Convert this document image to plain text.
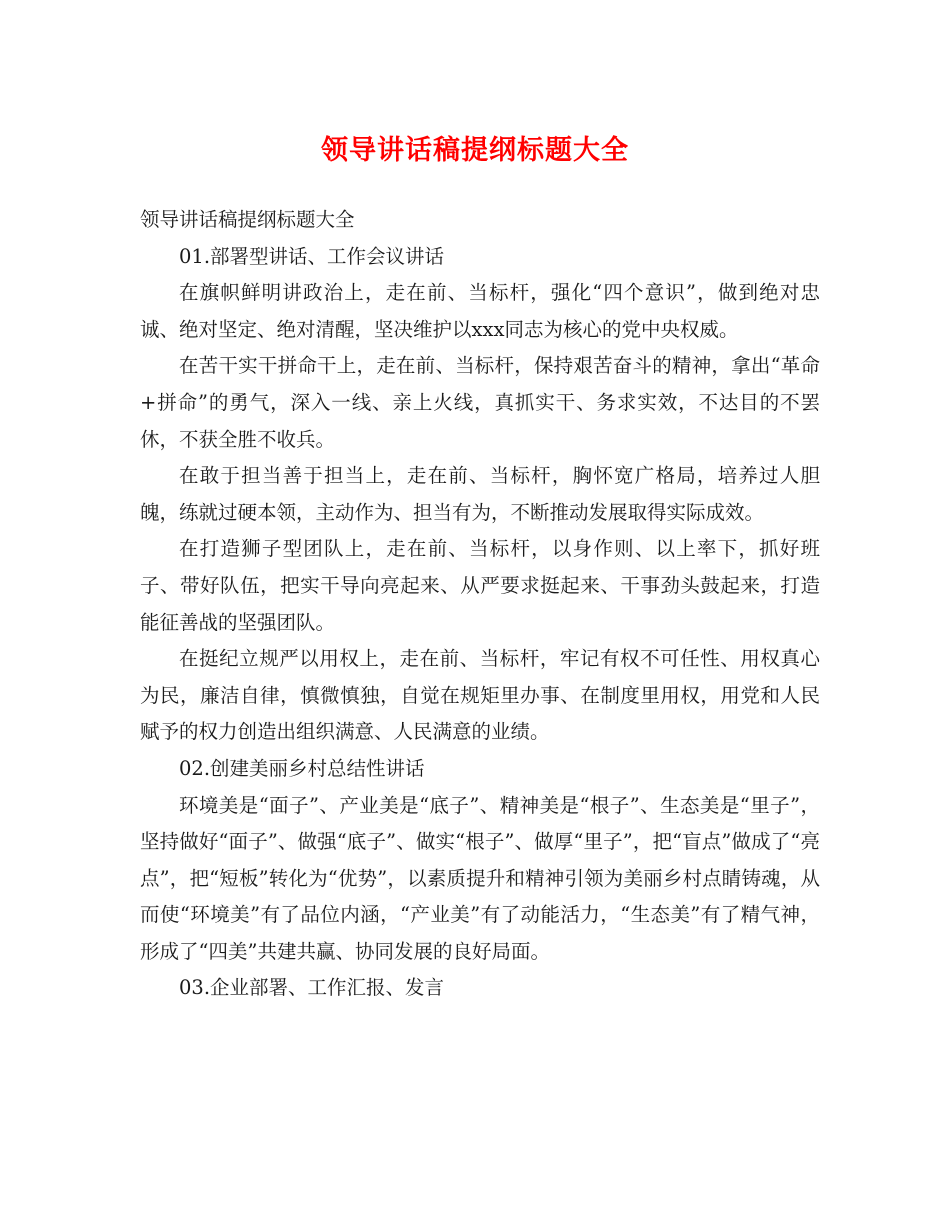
领导讲话稿提纲标题大全

领导讲话稿提纲标题大全

01.部署型讲话、工作会议讲话

在旗帜鲜明讲政治上，走在前、当标杆，强化“四个意识”，做到绝对忠诚、绝对坚定、绝对清醒，坚决维护以xxx同志为核心的党中央权威。

在苦干实干拼命干上，走在前、当标杆，保持艰苦奋斗的精神，拿出“革命+拼命”的勇气，深入一线、亲上火线，真抓实干、务求实效，不达目的不罢休，不获全胜不收兵。

在敢于担当善于担当上，走在前、当标杆，胸怀宽广格局，培养过人胆魄，练就过硬本领，主动作为、担当有为，不断推动发展取得实际成效。

在打造狮子型团队上，走在前、当标杆，以身作则、以上率下，抓好班子、带好队伍，把实干导向亮起来、从严要求挺起来、干事劲头鼓起来，打造能征善战的坚强团队。

在挺纪立规严以用权上，走在前、当标杆，牢记有权不可任性、用权真心为民，廉洁自律，慎微慎独，自觉在规矩里办事、在制度里用权，用党和人民赋予的权力创造出组织满意、人民满意的业绩。

02.创建美丽乡村总结性讲话

环境美是“面子”、产业美是“底子”、精神美是“根子”、生态美是“里子”，坚持做好“面子”、做强“底子”、做实“根子”、做厚“里子”，把“盲点”做成了“亮点”，把“短板”转化为“优势”，以素质提升和精神引领为美丽乡村点睛铸魂，从而使“环境美”有了品位内涵，“产业美”有了动能活力，“生态美”有了精气神，形成了“四美”共建共赢、协同发展的良好局面。

03.企业部署、工作汇报、发言
